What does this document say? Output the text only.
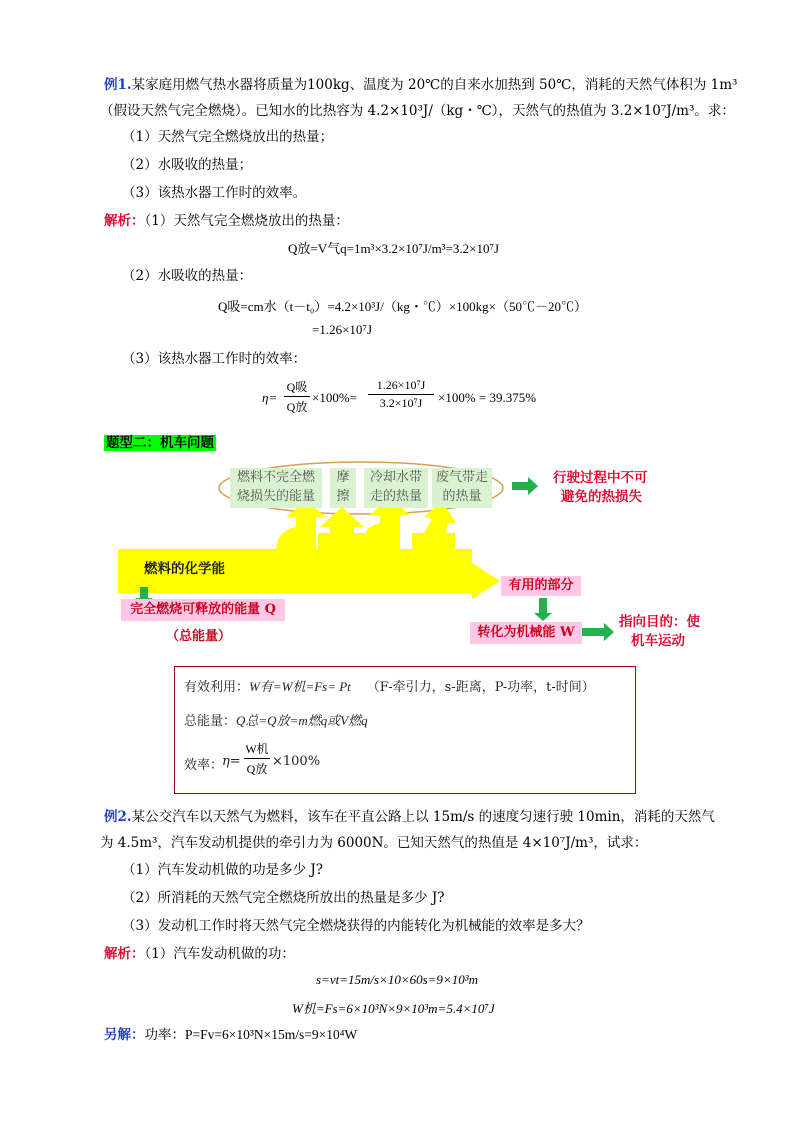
例1.某家庭用燃气热水器将质量为100kg、温度为 20℃的自来水加热到 50℃，消耗的天然气体积为 1m³
（假设天然气完全燃烧）。已知水的比热容为 4.2×10³J/（kg・℃），天然气的热值为 3.2×10⁷J/m³。求：
（1）天然气完全燃烧放出的热量；
（2）水吸收的热量；
（3）该热水器工作时的效率。
解析：（1）天然气完全燃烧放出的热量：
Q放=V气q=1m³×3.2×10⁷J/m³=3.2×10⁷J
（2）水吸收的热量：
Q吸=cm水（t－t₀）=4.2×10³J/（kg・℃）×100kg×（50℃－20℃）
=1.26×10⁷J
（3）该热水器工作时的效率：
η=
Q吸
Q放
×100%=
1.26×10⁷J
3.2×10⁷J	×100% = 39.375%
题型二：机车问题
燃料不完全燃
烧损失的能量
摩
擦
冷却水带
走的热量
废气带走
的热量
行驶过程中不可
避免的热损失
燃料的化学能
完全燃烧可释放的能量 Q
（总能量）
有用的部分
转化为机械能 W
指向目的：使
机车运动
有效利用：W有=W机=Fs= Pt （F-牵引力，s-距离，P-功率，t-时间）
总能量：Q总=Q放=m燃q或V燃q
效率：
η=
W机
Q放 ×100%
例2.某公交汽车以天然气为燃料，该车在平直公路上以 15m/s 的速度匀速行驶 10min，消耗的天然气
为 4.5m³，汽车发动机提供的牵引力为 6000N。已知天然气的热值是 4×10⁷J/m³，试求：
（1）汽车发动机做的功是多少 J?
（2）所消耗的天然气完全燃烧所放出的热量是多少 J?
（3）发动机工作时将天然气完全燃烧获得的内能转化为机械能的效率是多大？
解析：（1）汽车发动机做的功：
s=vt=15m/s×10×60s=9×10³m
W机=Fs=6×10³N×9×10³m=5.4×10⁷J
另解：功率：P=Fv=6×10³N×15m/s=9×10⁴W
